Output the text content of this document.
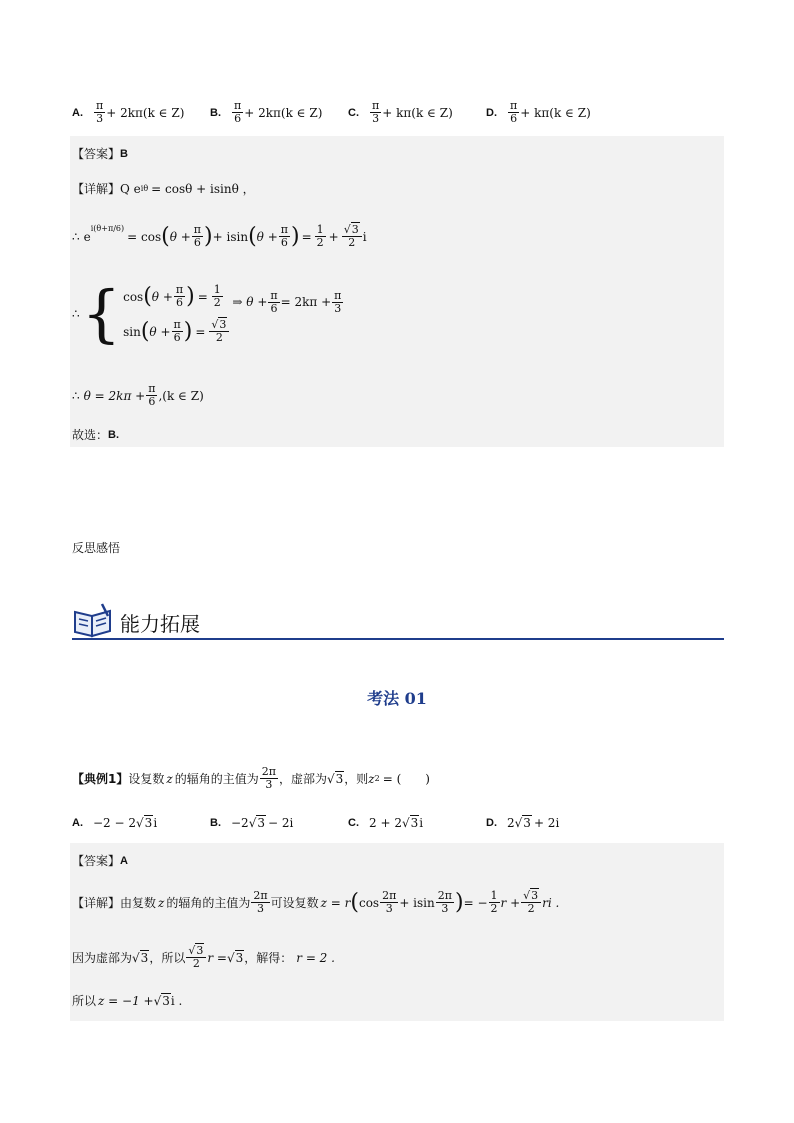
A. $\frac{\pi}{3} + 2k\pi(k$ ∈ Z) B. $\frac{\pi}{6} + 2k\pi(k$ ∈ Z) C. $\frac{\pi}{3} + k\pi(k$ ∈ Z)	D. $\frac{\pi}{6} + k\pi(k$ ∈ Z)
【答案】 B
【详解】 Q e iθ = cosθ + isinθ ，
∴ e
$^{i(\theta+\pi/6)}$
= cos ( $\theta + \frac{\pi}{6}$ ) + isin ( $\theta + \frac{\pi}{6}$ ) = $\frac{1}{2} + \frac{√3}{2}$ i
∴ { cos ( $\theta + \frac{\pi}{6}$ ) = $\frac{1}{2}$
sin ( $\theta + \frac{\pi}{6}$ ) = $\frac{√3}{2}$
⇒ $\theta + \frac{\pi}{6} = 2k\pi + \frac{\pi}{3}$
∴ $\theta = 2k\pi + \frac{\pi}{6} ,(k$ ∈ Z)
故选： B.
反思感悟
能力拓展
考法 01
【典例1】 设复数 z 的辐角的主值为 $\frac{2\pi}{3}$ ，虚部为 √3 ，则 z 2 = (　　)
A. −2 − 2 √3 i	B. −2 √3 − 2i	C. 2 + 2 √3 i	D. 2 √3 + 2i
【答案】 A
【详解】 由复数 z 的辐角的主值为 $\frac{2\pi}{3}$ 可设复数 z = r ( $\cos \frac{2\pi}{3} + isin \frac{2\pi}{3}$ ) = − $\frac{1}{2}$ $r + \frac{√3}{2}$ ri .
因为虚部为 √3 ，所以 $\frac{√3}{2}$ r = √3 ，解得： r = 2 .
所以 z = −1 + √3 i .
